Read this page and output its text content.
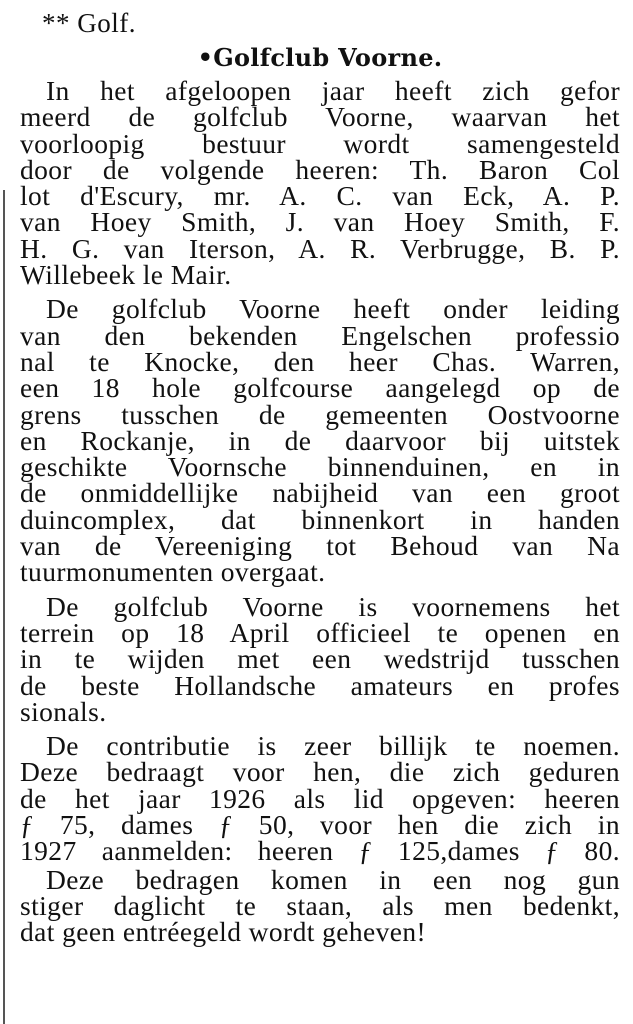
** Golf.
•Golfclub Voorne.
In het afgeloopen jaar heeft zich gefor
meerd de golfclub Voorne, waarvan het
voorloopig bestuur wordt samengesteld
door de volgende heeren: Th. Baron Col
lot d'Escury, mr. A. C. van Eck, A. P.
van Hoey Smith, J. van Hoey Smith, F.
H. G. van Iterson, A. R. Verbrugge, B. P.
Willebeek le Mair.
De golfclub Voorne heeft onder leiding
van den bekenden Engelschen professio
nal te Knocke, den heer Chas. Warren,
een 18 hole golfcourse aangelegd op de
grens tusschen de gemeenten Oostvoorne
en Rockanje, in de daarvoor bij uitstek
geschikte Voornsche binnenduinen, en in
de onmiddellijke nabijheid van een groot
duincomplex, dat binnenkort in handen
van de Vereeniging tot Behoud van Na
tuurmonumenten overgaat.
De golfclub Voorne is voornemens het
terrein op 18 April officieel te openen en
in te wijden met een wedstrijd tusschen
de beste Hollandsche amateurs en profes
sionals.
De contributie is zeer billijk te noemen.
Deze bedraagt voor hen, die zich geduren
de het jaar 1926 als lid opgeven: heeren
ƒ 75, dames ƒ 50, voor hen die zich in
1927 aanmelden: heeren ƒ 125,dames ƒ 80.
Deze bedragen komen in een nog gun
stiger daglicht te staan, als men bedenkt,
dat geen entréegeld wordt geheven!
